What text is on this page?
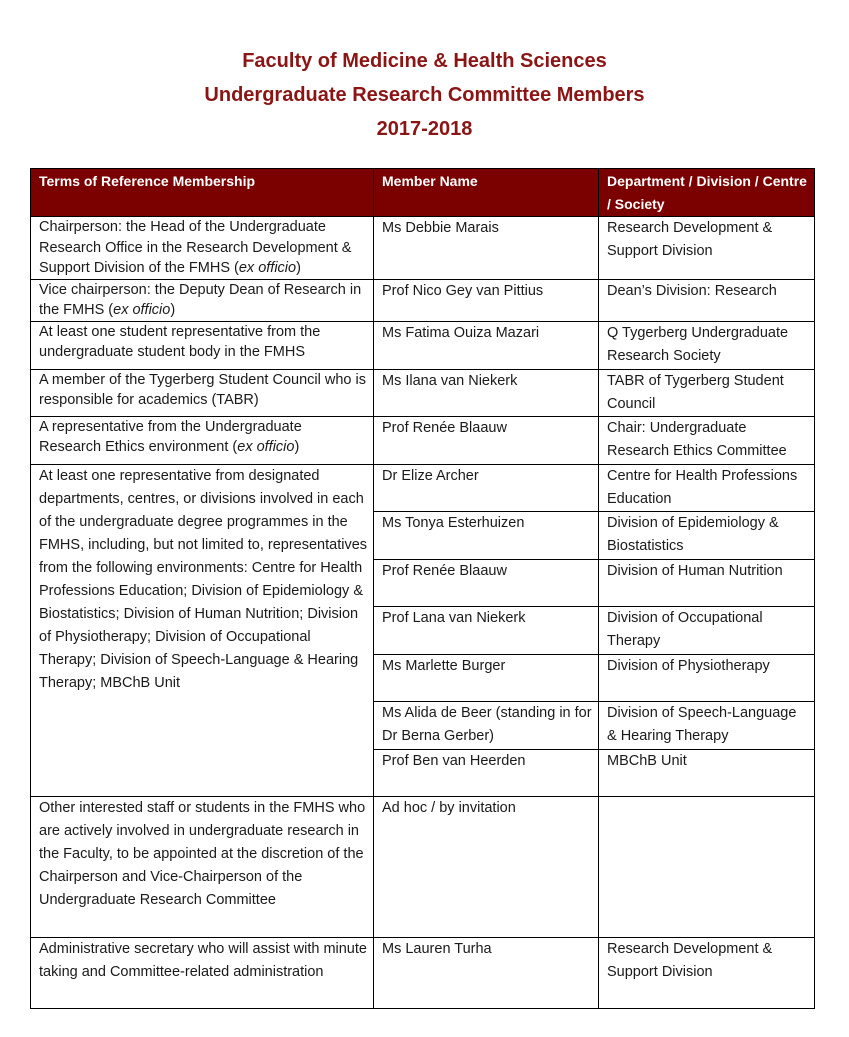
Faculty of Medicine & Health Sciences
Undergraduate Research Committee Members
2017-2018
Terms of Reference Membership	Member Name	Department / Division / Centre / Society
Chairperson: the Head of the Undergraduate Research Office in the Research Development & Support Division of the FMHS (ex officio)	Ms Debbie Marais	Research Development & Support Division
Vice chairperson: the Deputy Dean of Research in the FMHS (ex officio)	Prof Nico Gey van Pittius	Dean’s Division: Research
At least one student representative from the undergraduate student body in the FMHS	Ms Fatima Ouiza Mazari	Q Tygerberg Undergraduate Research Society
A member of the Tygerberg Student Council who is responsible for academics (TABR)	Ms Ilana van Niekerk	TABR of Tygerberg Student Council
A representative from the Undergraduate Research Ethics environment (ex officio)	Prof Renée Blaauw	Chair: Undergraduate Research Ethics Committee
At least one representative from designated departments, centres, or divisions involved in each of the undergraduate degree programmes in the FMHS, including, but not limited to, representatives from the following environments: Centre for Health Professions Education; Division of Epidemiology & Biostatistics; Division of Human Nutrition; Division of Physiotherapy; Division of Occupational Therapy; Division of Speech-Language & Hearing Therapy; MBChB Unit	Dr Elize Archer	Centre for Health Professions Education
	Ms Tonya Esterhuizen	Division of Epidemiology & Biostatistics
	Prof Renée Blaauw	Division of Human Nutrition
	Prof Lana van Niekerk	Division of Occupational Therapy
	Ms Marlette Burger	Division of Physiotherapy
	Ms Alida de Beer (standing in for Dr Berna Gerber)	Division of Speech-Language & Hearing Therapy
	Prof Ben van Heerden	MBChB Unit
Other interested staff or students in the FMHS who are actively involved in undergraduate research in the Faculty, to be appointed at the discretion of the Chairperson and Vice-Chairperson of the Undergraduate Research Committee	Ad hoc / by invitation	
Administrative secretary who will assist with minute taking and Committee-related administration	Ms Lauren Turha	Research Development & Support Division
